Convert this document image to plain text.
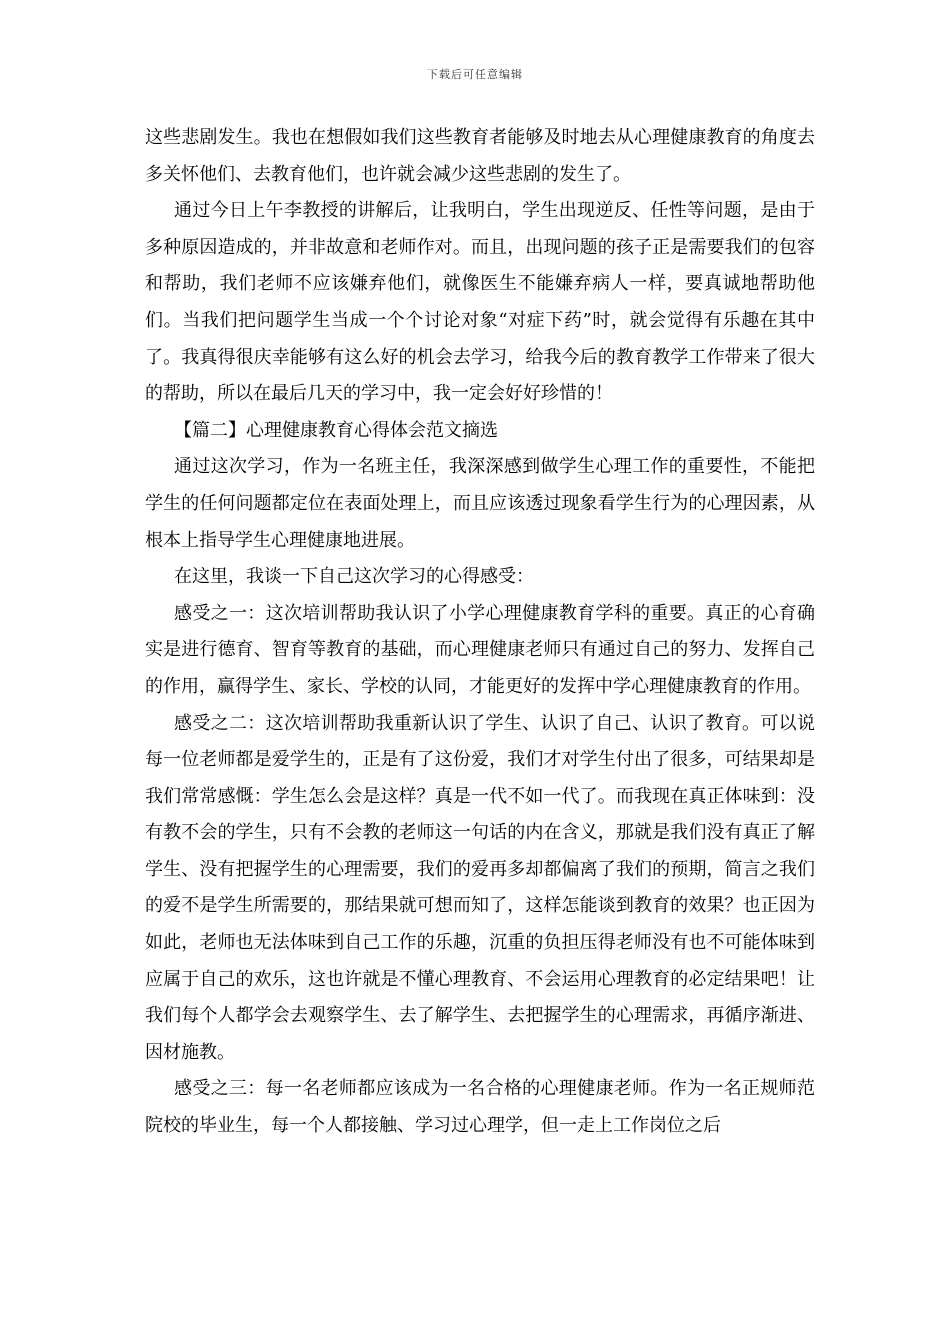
下载后可任意编辑

这些悲剧发生。我也在想假如我们这些教育者能够及时地去从心理健康教育的角度去多关怀他们、去教育他们，也许就会减少这些悲剧的发生了。

通过今日上午李教授的讲解后，让我明白，学生出现逆反、任性等问题，是由于多种原因造成的，并非故意和老师作对。而且，出现问题的孩子正是需要我们的包容和帮助，我们老师不应该嫌弃他们，就像医生不能嫌弃病人一样，要真诚地帮助他们。当我们把问题学生当成一个个讨论对象“对症下药”时，就会觉得有乐趣在其中了。我真得很庆幸能够有这么好的机会去学习，给我今后的教育教学工作带来了很大的帮助，所以在最后几天的学习中，我一定会好好珍惜的！

【篇二】心理健康教育心得体会范文摘选

通过这次学习，作为一名班主任，我深深感到做学生心理工作的重要性，不能把学生的任何问题都定位在表面处理上，而且应该透过现象看学生行为的心理因素，从根本上指导学生心理健康地进展。

在这里，我谈一下自己这次学习的心得感受：

感受之一：这次培训帮助我认识了小学心理健康教育学科的重要。真正的心育确实是进行德育、智育等教育的基础，而心理健康老师只有通过自己的努力、发挥自己的作用，赢得学生、家长、学校的认同，才能更好的发挥中学心理健康教育的作用。

感受之二：这次培训帮助我重新认识了学生、认识了自己、认识了教育。可以说每一位老师都是爱学生的，正是有了这份爱，我们才对学生付出了很多，可结果却是我们常常感慨：学生怎么会是这样？真是一代不如一代了。而我现在真正体味到：没有教不会的学生，只有不会教的老师这一句话的内在含义，那就是我们没有真正了解学生、没有把握学生的心理需要，我们的爱再多却都偏离了我们的预期，简言之我们的爱不是学生所需要的，那结果就可想而知了，这样怎能谈到教育的效果？也正因为如此，老师也无法体味到自己工作的乐趣，沉重的负担压得老师没有也不可能体味到应属于自己的欢乐，这也许就是不懂心理教育、不会运用心理教育的必定结果吧！让我们每个人都学会去观察学生、去了解学生、去把握学生的心理需求，再循序渐进、因材施教。

感受之三：每一名老师都应该成为一名合格的心理健康老师。作为一名正规师范院校的毕业生，每一个人都接触、学习过心理学，但一走上工作岗位之后
